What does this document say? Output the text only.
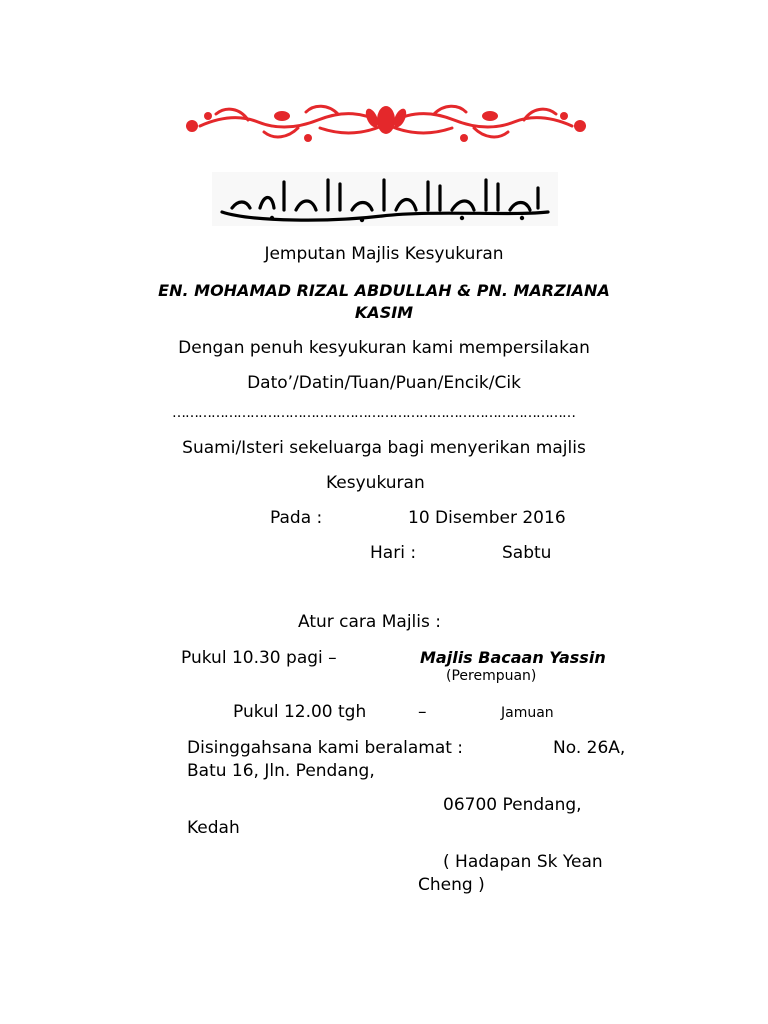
Jemputan Majlis Kesyukuran
EN. MOHAMAD RIZAL ABDULLAH & PN. MARZIANA
KASIM
Dengan penuh kesyukuran kami mempersilakan
Dato’/Datin/Tuan/Puan/Encik/Cik
…………………………………………………………………………………
Suami/Isteri sekeluarga bagi menyerikan majlis
Kesyukuran
Pada :	10 Disember 2016
Hari :	Sabtu
Atur cara Majlis :
Pukul 10.30 pagi –	Majlis Bacaan Yassin
(Perempuan)
Pukul 12.00 tgh	–	Jamuan
Disinggahsana kami beralamat :	No. 26A,
Batu 16, Jln. Pendang,
06700 Pendang,
Kedah
( Hadapan Sk Yean
Cheng )
